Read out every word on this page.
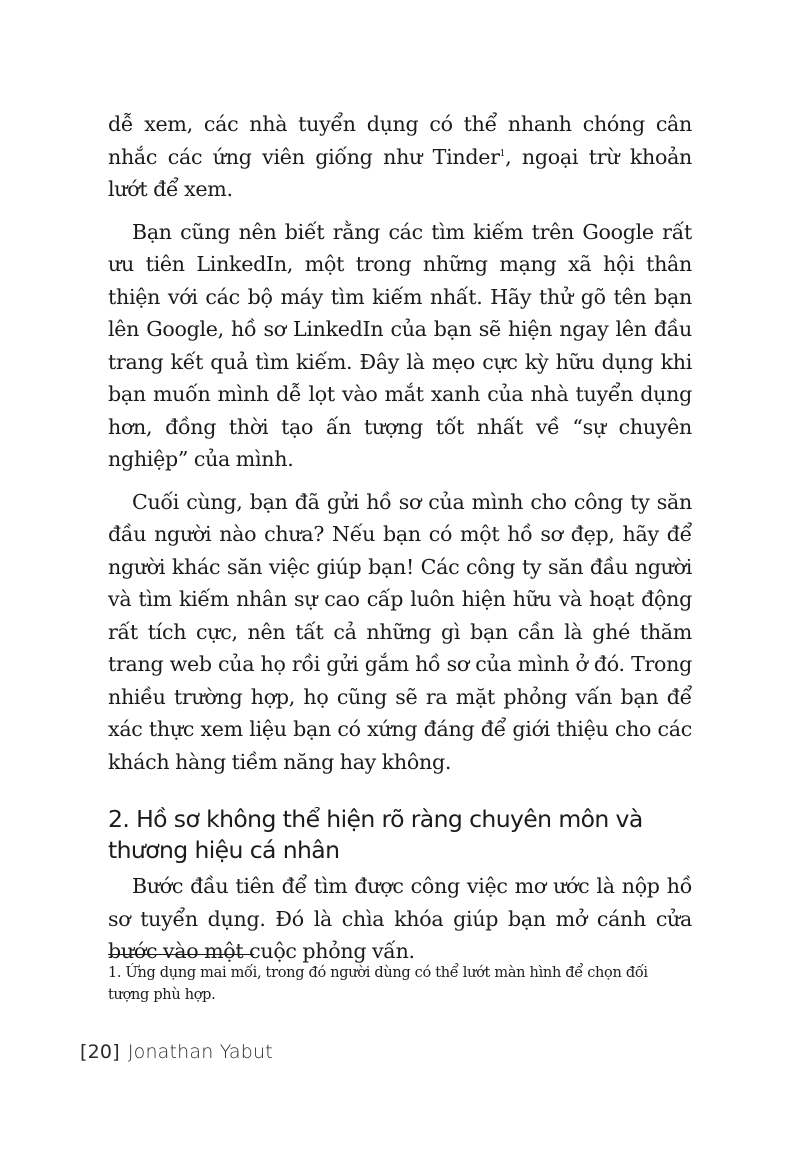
dễ xem, các nhà tuyển dụng có thể nhanh chóng cân nhắc các ứng viên giống như Tinder$^1$, ngoại trừ khoản lướt để xem.

Bạn cũng nên biết rằng các tìm kiếm trên Google rất ưu tiên LinkedIn, một trong những mạng xã hội thân thiện với các bộ máy tìm kiếm nhất. Hãy thử gõ tên bạn lên Google, hồ sơ LinkedIn của bạn sẽ hiện ngay lên đầu trang kết quả tìm kiếm. Đây là mẹo cực kỳ hữu dụng khi bạn muốn mình dễ lọt vào mắt xanh của nhà tuyển dụng hơn, đồng thời tạo ấn tượng tốt nhất về “sự chuyên nghiệp” của mình.

Cuối cùng, bạn đã gửi hồ sơ của mình cho công ty săn đầu người nào chưa? Nếu bạn có một hồ sơ đẹp, hãy để người khác săn việc giúp bạn! Các công ty săn đầu người và tìm kiếm nhân sự cao cấp luôn hiện hữu và hoạt động rất tích cực, nên tất cả những gì bạn cần là ghé thăm trang web của họ rồi gửi gắm hồ sơ của mình ở đó. Trong nhiều trường hợp, họ cũng sẽ ra mặt phỏng vấn bạn để xác thực xem liệu bạn có xứng đáng để giới thiệu cho các khách hàng tiềm năng hay không.

2. Hồ sơ không thể hiện rõ ràng chuyên môn và thương hiệu cá nhân

Bước đầu tiên để tìm được công việc mơ ước là nộp hồ sơ tuyển dụng. Đó là chìa khóa giúp bạn mở cánh cửa bước vào một cuộc phỏng vấn.

1. Ứng dụng mai mối, trong đó người dùng có thể lướt màn hình để chọn đối tượng phù hợp.

[20] Jonathan Yabut
